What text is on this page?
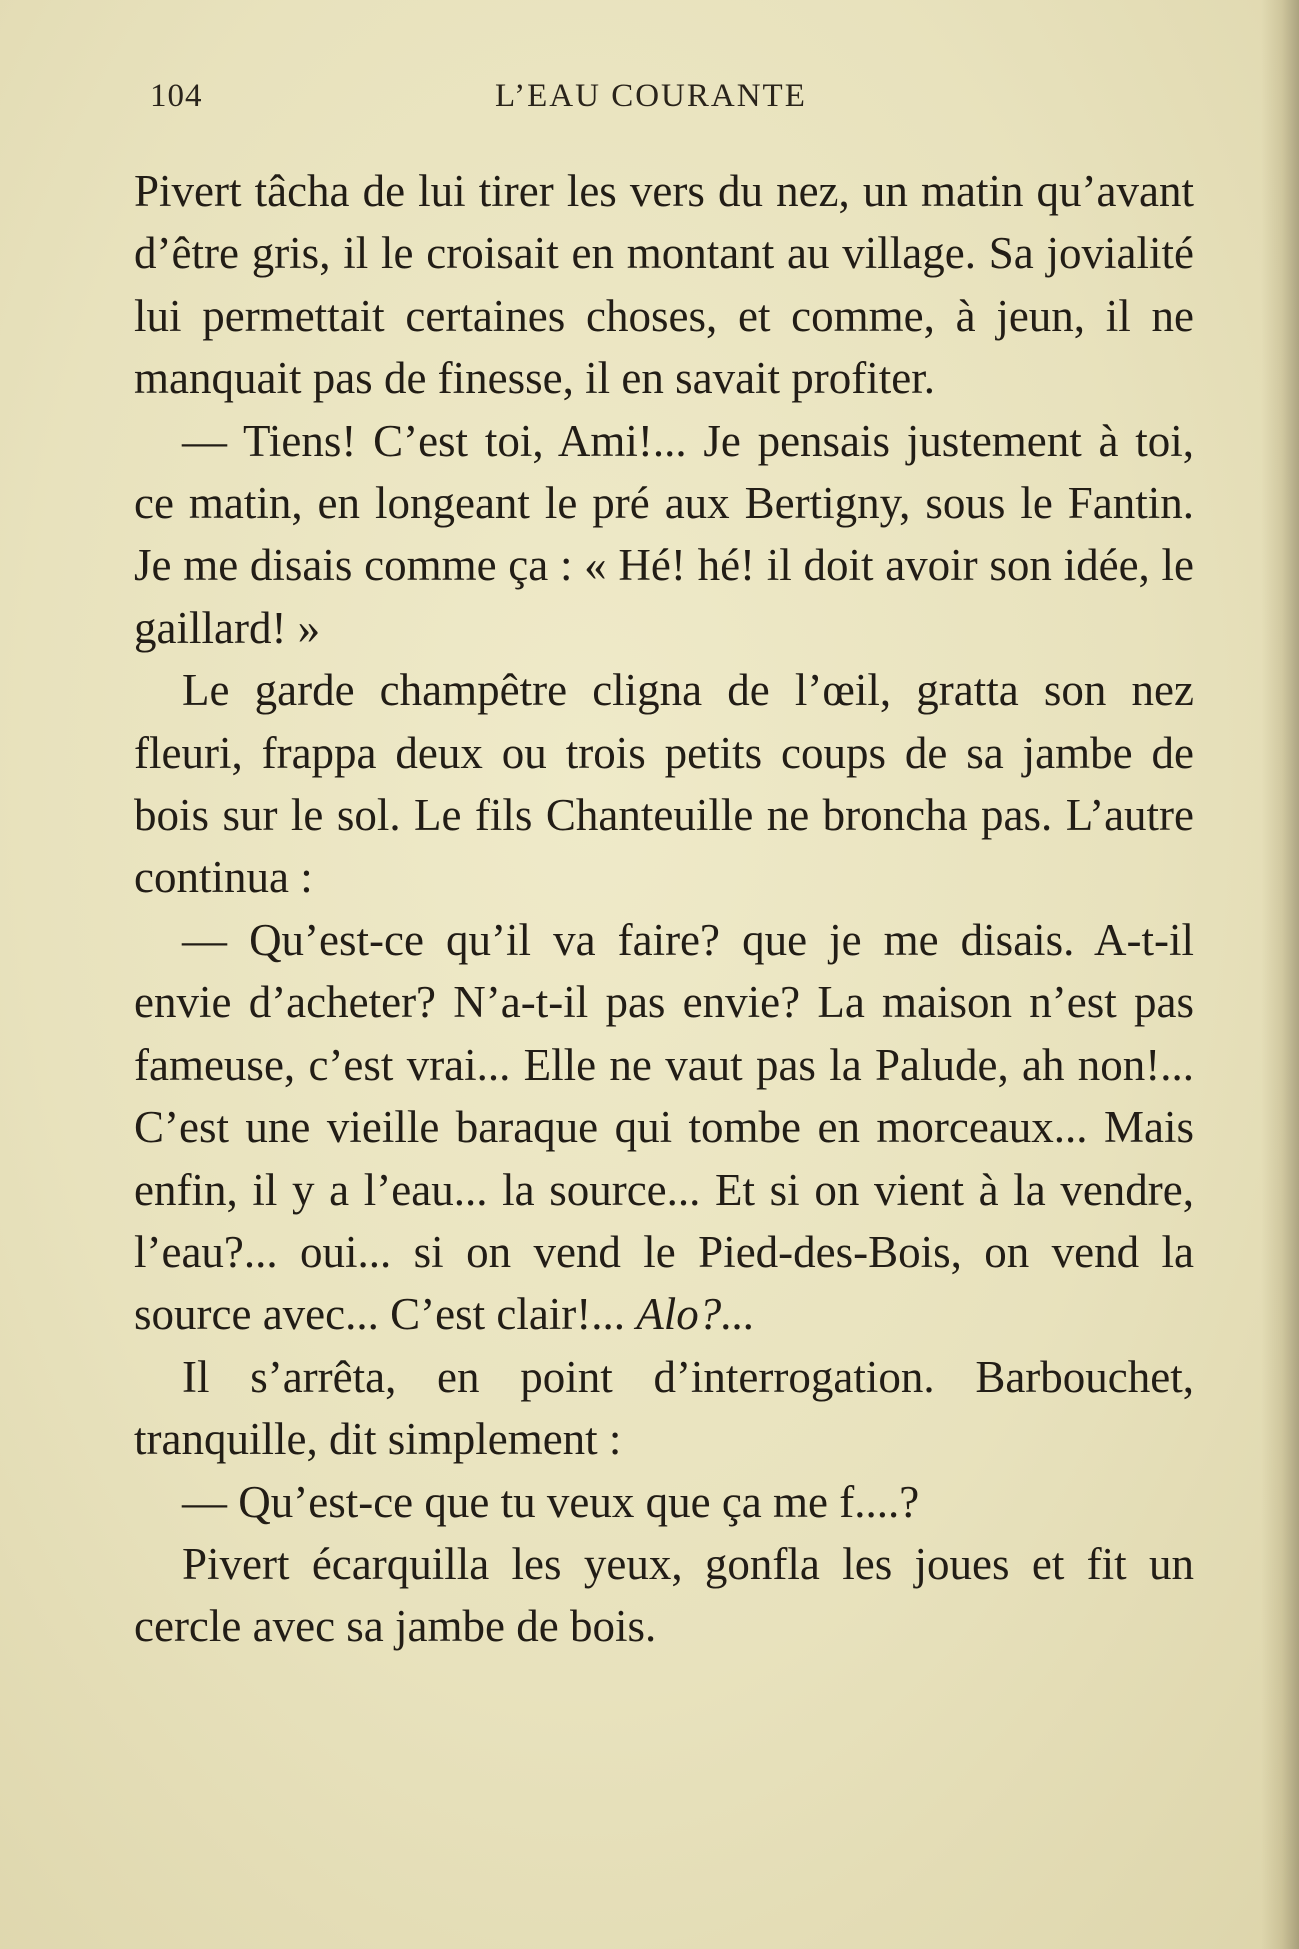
104	L’EAU COURANTE

Pivert tâcha de lui tirer les vers du nez, un matin qu’avant d’être gris, il le croisait en montant au village. Sa jovialité lui permettait certaines choses, et comme, à jeun, il ne manquait pas de finesse, il en savait profiter.

— Tiens! C’est toi, Ami!... Je pensais justement à toi, ce matin, en longeant le pré aux Bertigny, sous le Fantin. Je me disais comme ça : « Hé! hé! il doit avoir son idée, le gaillard! »

Le garde champêtre cligna de l’œil, gratta son nez fleuri, frappa deux ou trois petits coups de sa jambe de bois sur le sol. Le fils Chanteuille ne broncha pas. L’autre continua :

— Qu’est-ce qu’il va faire? que je me disais. A-t-il envie d’acheter? N’a-t-il pas envie? La maison n’est pas fameuse, c’est vrai... Elle ne vaut pas la Palude, ah non!... C’est une vieille baraque qui tombe en morceaux... Mais enfin, il y a l’eau... la source... Et si on vient à la vendre, l’eau?... oui... si on vend le Pied-des-Bois, on vend la source avec... C’est clair!... Alo?...

Il s’arrêta, en point d’interrogation. Barbouchet, tranquille, dit simplement :

— Qu’est-ce que tu veux que ça me f....?

Pivert écarquilla les yeux, gonfla les joues et fit un cercle avec sa jambe de bois.
